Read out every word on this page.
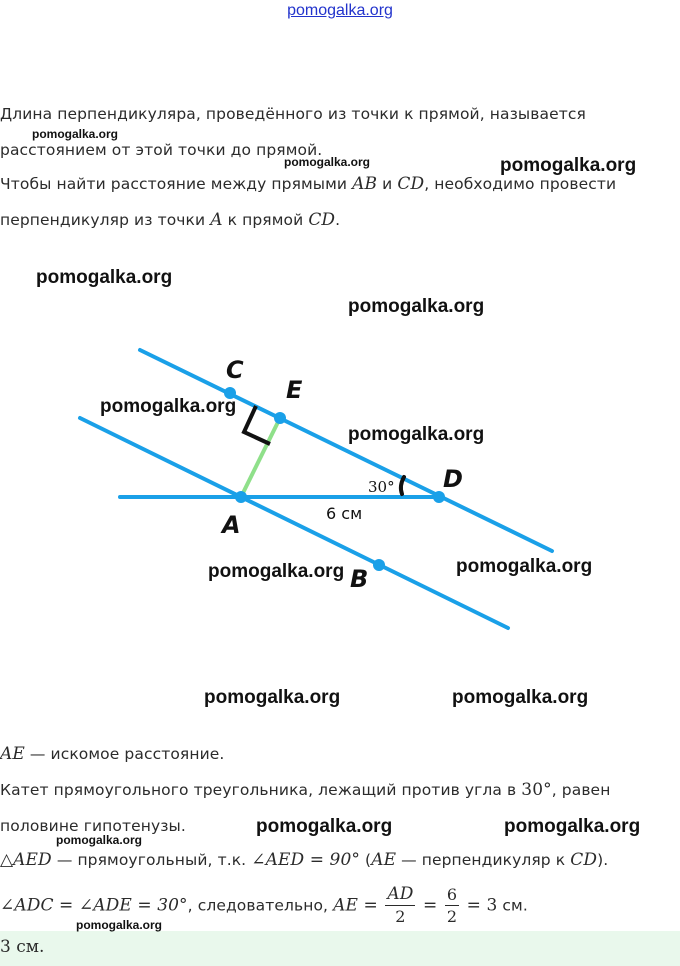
pomogalka.org
Длина перпендикуляра, проведённого из точки к прямой, называется
расстоянием от этой точки до прямой.
Чтобы найти расстояние между прямыми AB и CD, необходимо провести
перпендикуляр из точки A к прямой CD.
C
E
D
A
B
30°
6 см
AE — искомое расстояние.
Катет прямоугольного треугольника, лежащий против угла в 30°, равен
половине гипотенузы.
△AED — прямоугольный, т.к. ∠AED = 90° (AE — перпендикуляр к CD).
∠ADC = ∠ADE = 30°, следовательно, AE = $\frac{AD}{2} = \frac{6}{2} = 3$ см.
3 см.
pomogalka.org
pomogalka.org	pomogalka.org
pomogalka.org
pomogalka.org
pomogalka.org
pomogalka.org
pomogalka.org	pomogalka.org
pomogalka.org	pomogalka.org
pomogalka.org	pomogalka.org
pomogalka.org
pomogalka.org
